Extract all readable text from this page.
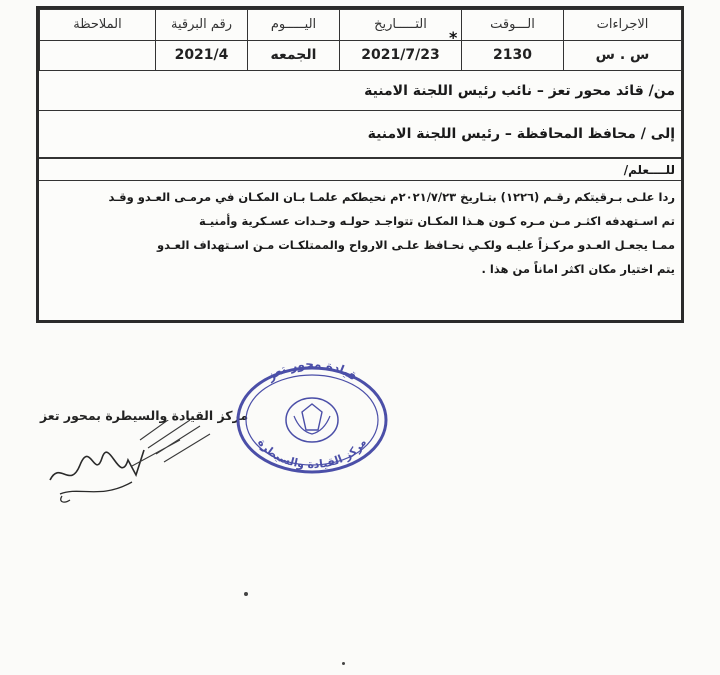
الاجراءات	الـــوقت	التـــــاريخ	اليـــــوم	رقم البرقية	الملاحظة
س . س	2130	2021/7/23	الجمعه	2021/4	
من/ قائد محور تعز – نائب رئيس اللجنة الامنية
إلى / محافظ المحافظة – رئيس اللجنة الامنية
للــــعلم/

ردا علـى بـرقيتكم رقـم (١٢٢٦) بتـاريخ ٢٠٢١/٧/٢٣م نحيطكم علمـا بـان المكـان في مرمـى العـدو وقـد

تم اسـتهدفه اكثـر مـن مـره كـون هـذا المكـان تتواجـد حولـه وحـدات عسـكرية وأمنيـة

ممـا يجعـل العـدو مركـزاً عليـه ولكـي نحـافظ علـى الارواح والممتلكـات مـن اسـتهداف العـدو

يتم اختيار مكان اكثر اماناً من هذا .

*
مركز القيادة والسيطرة بمحور تعز
قيادة محور تعز
مركز القيادة والسيطرة
